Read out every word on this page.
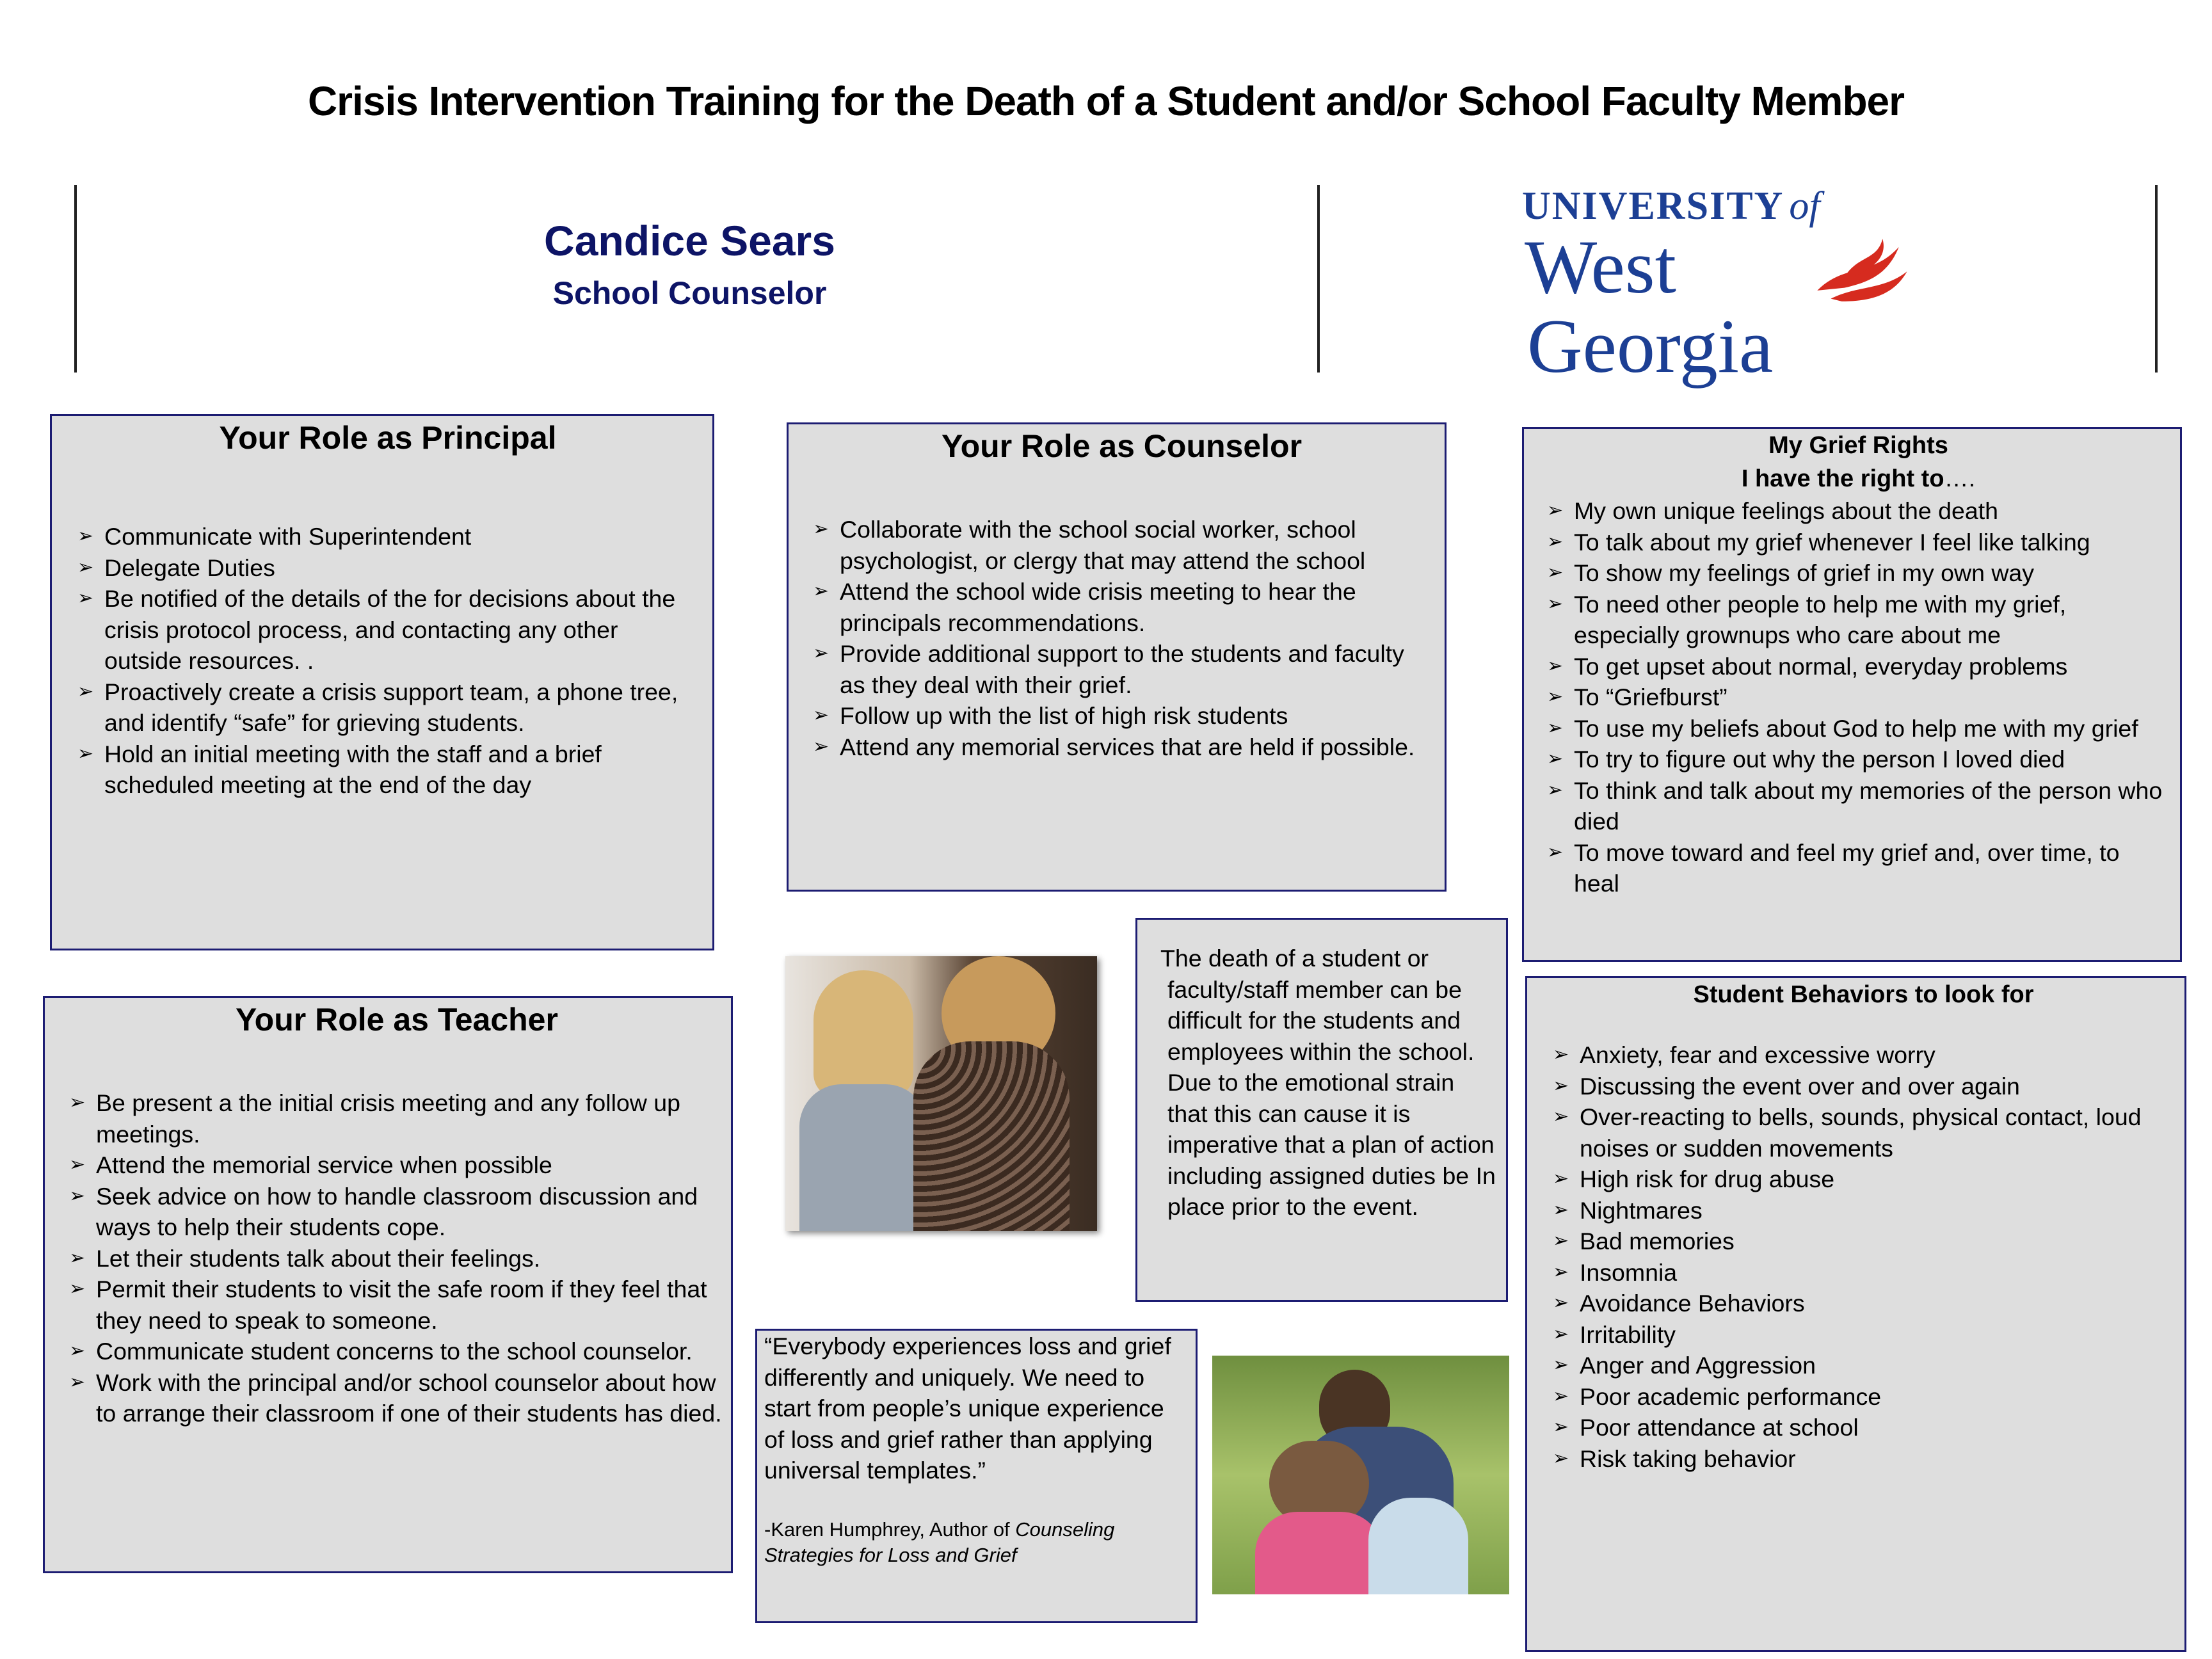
Crisis Intervention Training for the Death of a Student and/or School Faculty Member
Candice Sears
School Counselor
UNIVERSITY of
West
Georgia
Your Role as Principal
➢ Communicate with Superintendent
➢ Delegate Duties
➢ Be notified of the details of the for decisions about the crisis protocol process, and contacting any other outside resources. .
➢ Proactively create a crisis support team, a phone tree, and identify “safe” for grieving students.
➢ Hold an initial meeting with the staff and a brief scheduled meeting at the end of the day
Your Role as Counselor
➢ Collaborate with the school social worker, school psychologist, or clergy that may attend the school
➢ Attend the school wide crisis meeting to hear the principals recommendations.
➢ Provide additional support to the students and faculty as they deal with their grief.
➢ Follow up with the list of high risk students
➢ Attend any memorial services that are held if possible.
My Grief Rights
I have the right to….
➢ My own unique feelings about the death
➢ To talk about my grief whenever I feel like talking
➢ To show my feelings of grief in my own way
➢ To need other people to help me with my grief, especially grownups who care about me
➢ To get upset about normal, everyday problems
➢ To “Griefburst”
➢ To use my beliefs about God to help me with my grief
➢ To try to figure out why the person I loved died
➢ To think and talk about my memories of the person who died
➢ To move toward and feel my grief and, over time, to heal
Your Role as Teacher
➢ Be present a the initial crisis meeting and any follow up meetings.
➢ Attend the memorial service when possible
➢ Seek advice on how to handle classroom discussion and ways to help their students cope.
➢ Let their students talk about their feelings.
➢ Permit their students to visit the safe room if they feel that they need to speak to someone.
➢ Communicate student concerns to the school counselor.
➢ Work with the principal and/or school counselor about how to arrange their classroom if one of their students has died.
The death of a student or faculty/staff member can be difficult for the students and employees within the school. Due to the emotional strain that this can cause it is imperative that a plan of action including assigned duties be In place prior to the event.
“Everybody experiences loss and grief differently and uniquely. We need to start from people’s unique experience of loss and grief rather than applying universal templates.”
-Karen Humphrey, Author of Counseling Strategies for Loss and Grief
Student Behaviors to look for
➢ Anxiety, fear and excessive worry
➢ Discussing the event over and over again
➢ Over-reacting to bells, sounds, physical contact, loud noises or sudden movements
➢ High risk for drug abuse
➢ Nightmares
➢ Bad memories
➢ Insomnia
➢ Avoidance Behaviors
➢ Irritability
➢ Anger and Aggression
➢ Poor academic performance
➢ Poor attendance at school
➢ Risk taking behavior
